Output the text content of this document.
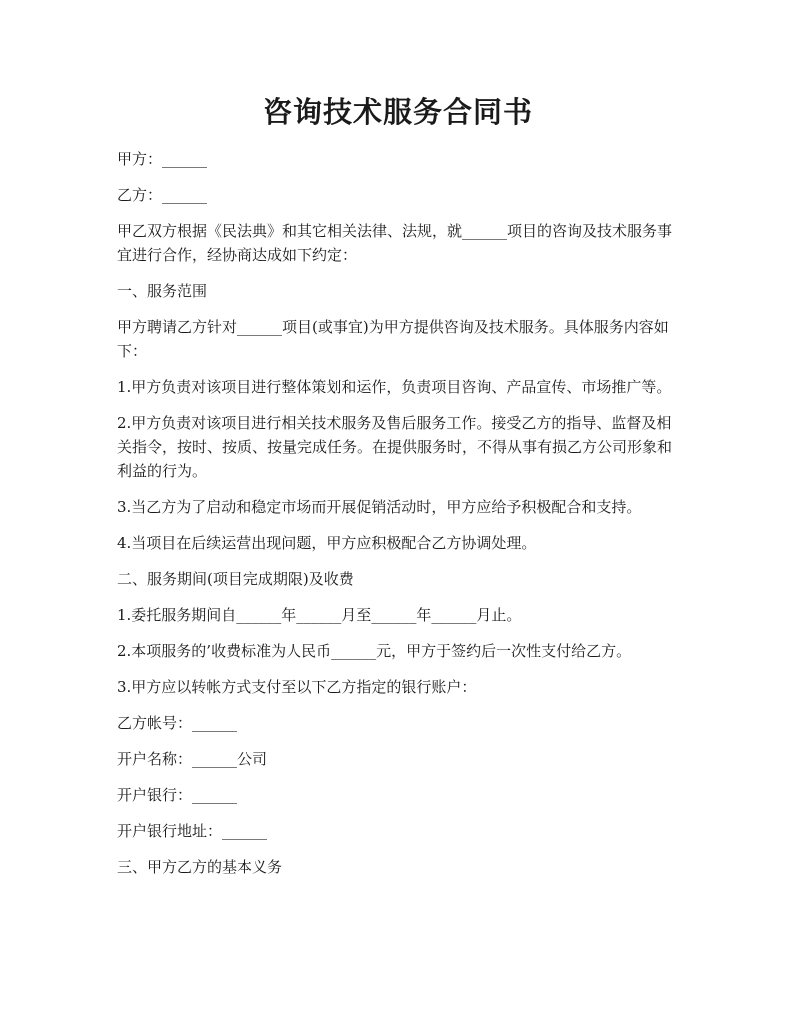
咨询技术服务合同书

甲方：______

乙方：______

甲乙双方根据《民法典》和其它相关法律、法规，就______项目的咨询及技术服务事宜进行合作，经协商达成如下约定：

一、服务范围

甲方聘请乙方针对______项目(或事宜)为甲方提供咨询及技术服务。具体服务内容如下：

1.甲方负责对该项目进行整体策划和运作，负责项目咨询、产品宣传、市场推广等。

2.甲方负责对该项目进行相关技术服务及售后服务工作。接受乙方的指导、监督及相关指令，按时、按质、按量完成任务。在提供服务时，不得从事有损乙方公司形象和利益的行为。

3.当乙方为了启动和稳定市场而开展促销活动时，甲方应给予积极配合和支持。

4.当项目在后续运营出现问题，甲方应积极配合乙方协调处理。

二、服务期间(项目完成期限)及收费

1.委托服务期间自______年______月至______年______月止。

2.本项服务的’收费标准为人民币______元，甲方于签约后一次性支付给乙方。

3.甲方应以转帐方式支付至以下乙方指定的银行账户：

乙方帐号：______

开户名称：______公司

开户银行：______

开户银行地址：______

三、甲方乙方的基本义务
